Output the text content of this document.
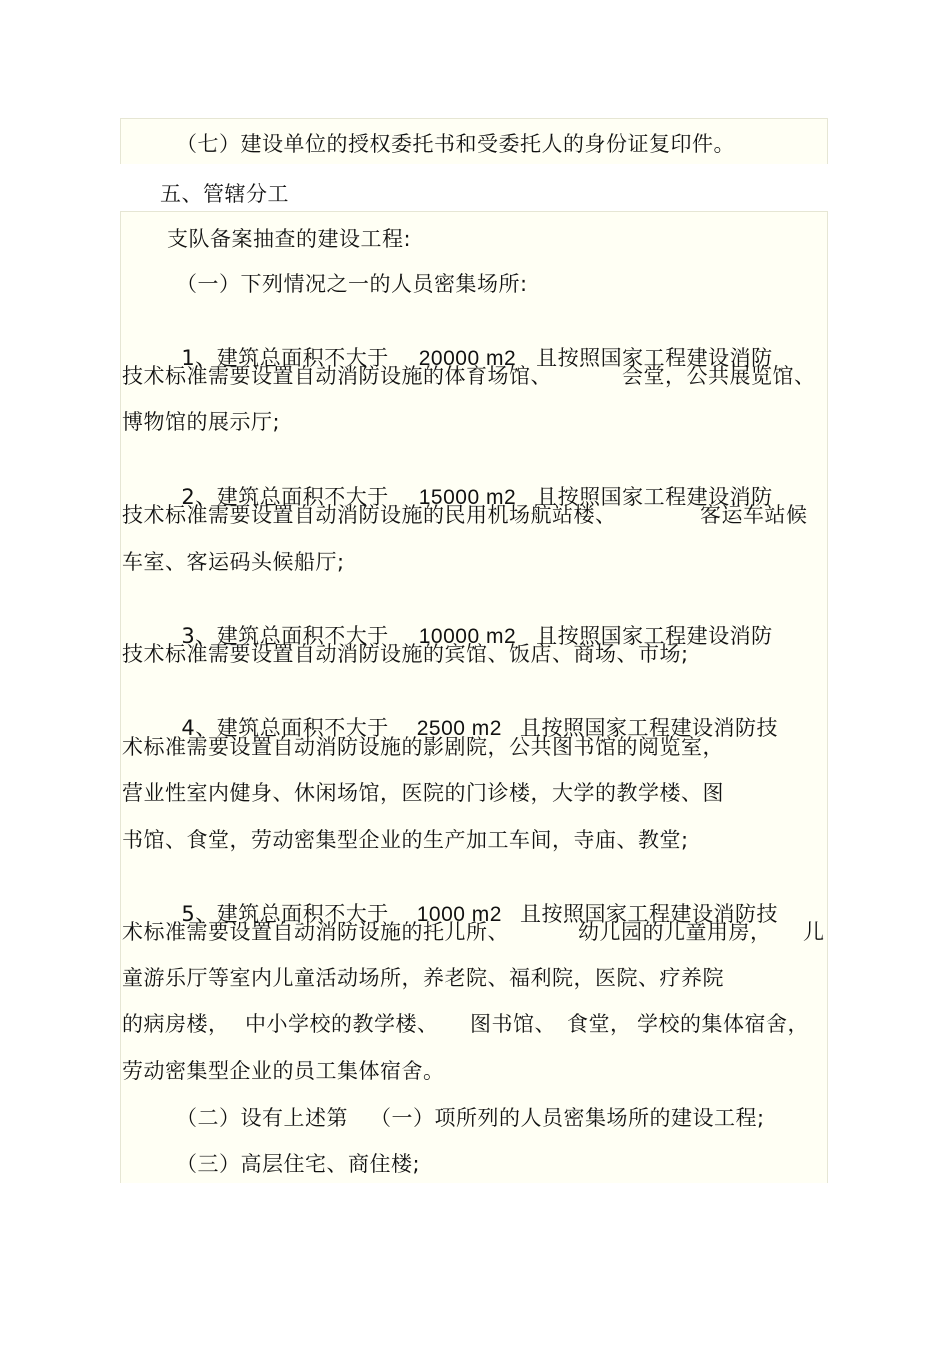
（七）建设单位的授权委托书和受委托人的身份证复印件。
五、管辖分工
支队备案抽查的建设工程:
（一）下列情况之一的人员密集场所:

1、建筑总面积不大于 20000 m2 且按照国家工程建设消防

技术标准需要设置自动消防设施的体育场馆、	会堂，公共展览馆、
博物馆的展示厅;

2、建筑总面积不大于 15000 m2 且按照国家工程建设消防

技术标准需要设置自动消防设施的民用机场航站楼、	客运车站候
车室、客运码头候船厅;

3、建筑总面积不大于 10000 m2 且按照国家工程建设消防

技术标准需要设置自动消防设施的宾馆、饭店、商场、市场;

4、建筑总面积不大于 2500 m2 且按照国家工程建设消防技

术标准需要设置自动消防设施的影剧院，公共图书馆的阅览室，
营业性室内健身、休闲场馆，医院的门诊楼，大学的教学楼、图
书馆、食堂，劳动密集型企业的生产加工车间，寺庙、教堂;

5、建筑总面积不大于 1000 m2 且按照国家工程建设消防技

术标准需要设置自动消防设施的托儿所、	幼儿园的儿童用房， 儿
童游乐厅等室内儿童活动场所，养老院、福利院，医院、疗养院
的病房楼， 中小学校的教学楼、 图书馆、 食堂， 学校的集体宿舍，
劳动密集型企业的员工集体宿舍。
（二）设有上述第 （一）项所列的人员密集场所的建设工程;
（三）高层住宅、商住楼;
